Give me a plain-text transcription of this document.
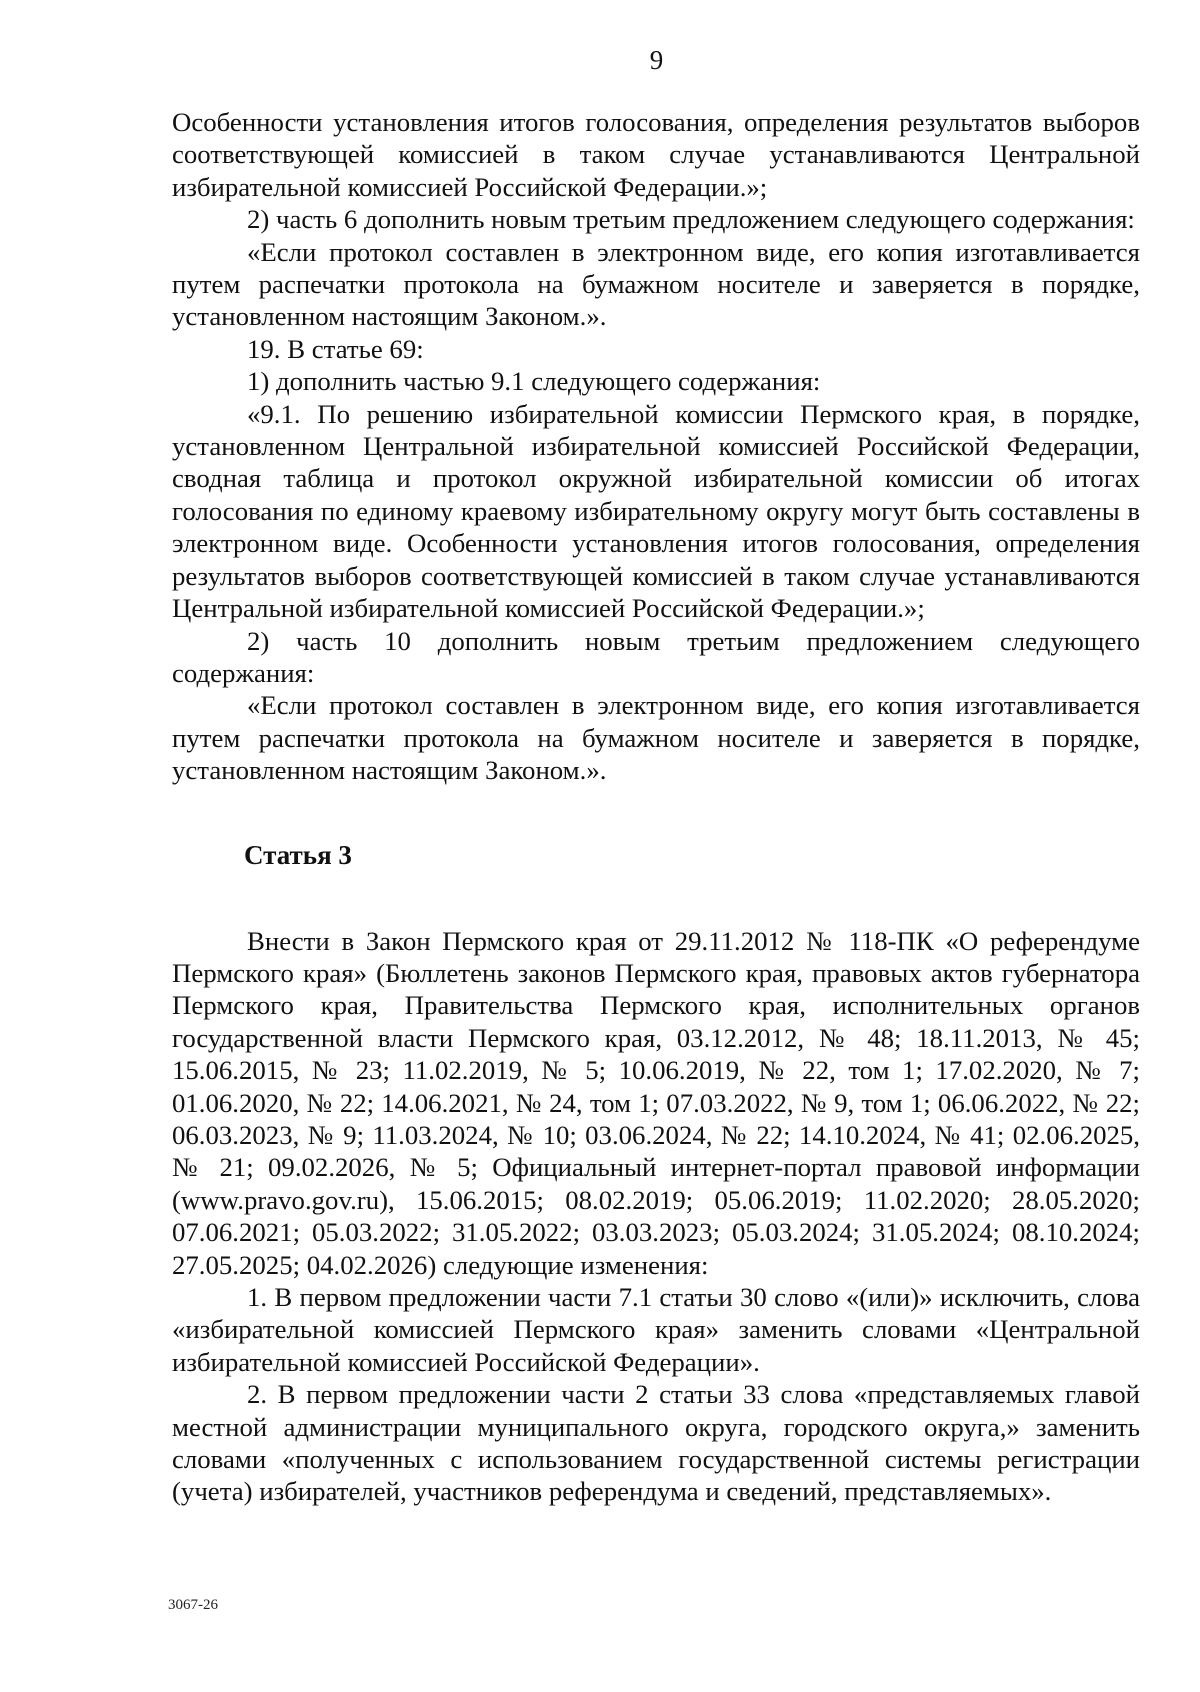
9

Особенности установления итогов голосования, определения результатов выборов соответствующей комиссией в таком случае устанавливаются Центральной избирательной комиссией Российской Федерации.»;

2) часть 6 дополнить новым третьим предложением следующего содержания:

«Если протокол составлен в электронном виде, его копия изготавливается путем распечатки протокола на бумажном носителе и заверяется в порядке, установленном настоящим Законом.».

19. В статье 69:

1) дополнить частью 9.1 следующего содержания:

«9.1. По решению избирательной комиссии Пермского края, в порядке, установленном Центральной избирательной комиссией Российской Федерации, сводная таблица и протокол окружной избирательной комиссии об итогах голосования по единому краевому избирательному округу могут быть составлены в электронном виде. Особенности установления итогов голосования, определения результатов выборов соответствующей комиссией в таком случае устанавливаются Центральной избирательной комиссией Российской Федерации.»;

2) часть 10 дополнить новым третьим предложением следующего содержания:

«Если протокол составлен в электронном виде, его копия изготавливается путем распечатки протокола на бумажном носителе и заверяется в порядке, установленном настоящим Законом.».

Статья 3

Внести в Закон Пермского края от 29.11.2012 № 118-ПК «О референдуме Пермского края» (Бюллетень законов Пермского края, правовых актов губернатора Пермского края, Правительства Пермского края, исполнительных органов государственной власти Пермского края, 03.12.2012, № 48; 18.11.2013, № 45; 15.06.2015, № 23; 11.02.2019, № 5; 10.06.2019, № 22, том 1; 17.02.2020, № 7; 01.06.2020, № 22; 14.06.2021, № 24, том 1; 07.03.2022, № 9, том 1; 06.06.2022, № 22; 06.03.2023, № 9; 11.03.2024, № 10; 03.06.2024, № 22; 14.10.2024, № 41; 02.06.2025, № 21; 09.02.2026, № 5; Официальный интернет-портал правовой информации (www.pravo.gov.ru), 15.06.2015; 08.02.2019; 05.06.2019; 11.02.2020; 28.05.2020; 07.06.2021; 05.03.2022; 31.05.2022; 03.03.2023; 05.03.2024; 31.05.2024; 08.10.2024; 27.05.2025; 04.02.2026) следующие изменения:

1. В первом предложении части 7.1 статьи 30 слово «(или)» исключить, слова «избирательной комиссией Пермского края» заменить словами «Центральной избирательной комиссией Российской Федерации».

2. В первом предложении части 2 статьи 33 слова «представляемых главой местной администрации муниципального округа, городского округа,» заменить словами «полученных с использованием государственной системы регистрации (учета) избирателей, участников референдума и сведений, представляемых».

3067-26
